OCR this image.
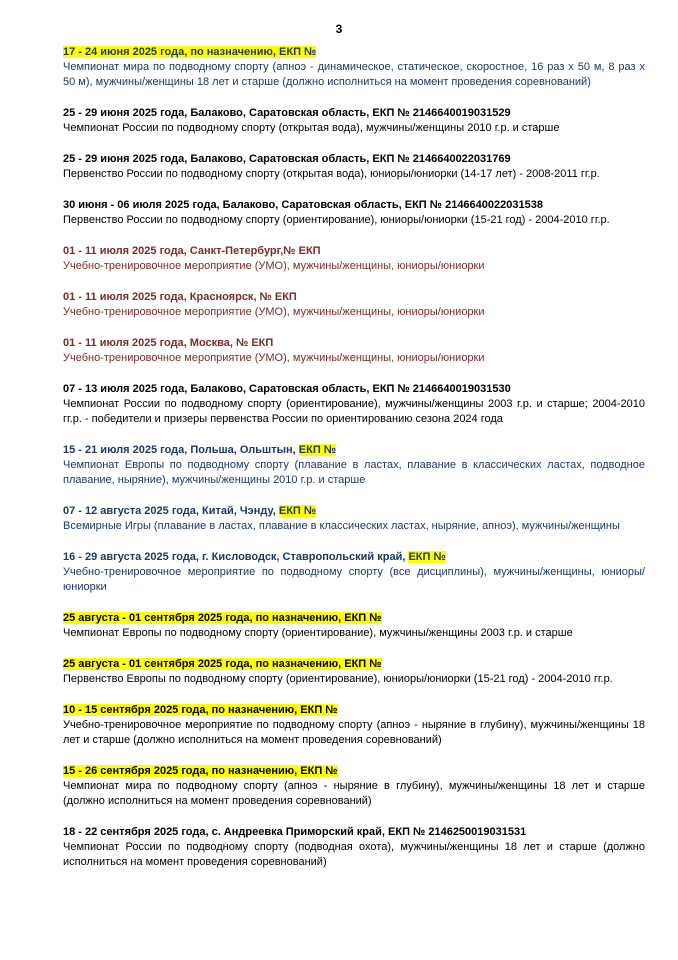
3
17 - 24 июня 2025 года, по назначению, ЕКП №
Чемпионат мира по подводному спорту (апноэ - динамическое, статическое, скоростное, 16 раз х 50 м, 8 раз х 50 м), мужчины/женщины 18 лет и старше (должно исполниться на момент проведения соревнований)
25 - 29 июня 2025 года, Балаково, Саратовская область, ЕКП № 2146640019031529
Чемпионат России по подводному спорту (открытая вода), мужчины/женщины 2010 г.р. и старше
25 - 29 июня 2025 года, Балаково, Саратовская область, ЕКП № 2146640022031769
Первенство России по подводному спорту (открытая вода), юниоры/юниорки (14-17 лет) - 2008-2011 гг.р.
30 июня - 06 июля 2025 года, Балаково, Саратовская область, ЕКП № 2146640022031538
Первенство России по подводному спорту (ориентирование), юниоры/юниорки (15-21 год) - 2004-2010 гг.р.
01 - 11 июля 2025 года, Санкт-Петербург,№ ЕКП
Учебно-тренировочное мероприятие (УМО), мужчины/женщины, юниоры/юниорки
01 - 11 июля 2025 года, Красноярск, № ЕКП
Учебно-тренировочное мероприятие (УМО), мужчины/женщины, юниоры/юниорки
01 - 11 июля 2025 года, Москва, № ЕКП
Учебно-тренировочное мероприятие (УМО), мужчины/женщины, юниоры/юниорки
07 - 13 июля 2025 года, Балаково, Саратовская область, ЕКП № 2146640019031530
Чемпионат России по подводному спорту (ориентирование), мужчины/женщины 2003 г.р. и старше; 2004-2010 гг.р. - победители и призеры первенства России по ориентированию сезона 2024 года
15 - 21 июля 2025 года, Польша, Ольштын, ЕКП №
Чемпионат Европы по подводному спорту (плавание в ластах, плавание в классических ластах, подводное плавание, ныряние), мужчины/женщины 2010 г.р. и старше
07 - 12 августа 2025 года, Китай, Чэнду, ЕКП №
Всемирные Игры (плавание в ластах, плавание в классических ластах, ныряние, апноэ), мужчины/женщины
16 - 29 августа 2025 года, г. Кисловодск, Ставропольский край, ЕКП №
Учебно-тренировочное мероприятие по подводному спорту (все дисциплины), мужчины/женщины, юниоры/юниорки
25 августа - 01 сентября 2025 года, по назначению, ЕКП №
Чемпионат Европы по подводному спорту (ориентирование), мужчины/женщины 2003 г.р. и старше
25 августа - 01 сентября 2025 года, по назначению, ЕКП №
Первенство Европы по подводному спорту (ориентирование), юниоры/юниорки (15-21 год) - 2004-2010 гг.р.
10 - 15 сентября 2025 года, по назначению, ЕКП №
Учебно-тренировочное мероприятие по подводному спорту (апноэ - ныряние в глубину), мужчины/женщины 18 лет и старше (должно исполниться на момент проведения соревнований)
15 - 26 сентября 2025 года, по назначению, ЕКП №
Чемпионат мира по подводному спорту (апноэ - ныряние в глубину), мужчины/женщины 18 лет и старше (должно исполниться на момент проведения соревнований)
18 - 22 сентября 2025 года, с. Андреевка Приморский край, ЕКП № 2146250019031531
Чемпионат России по подводному спорту (подводная охота), мужчины/женщины 18 лет и старше (должно исполниться на момент проведения соревнований)
